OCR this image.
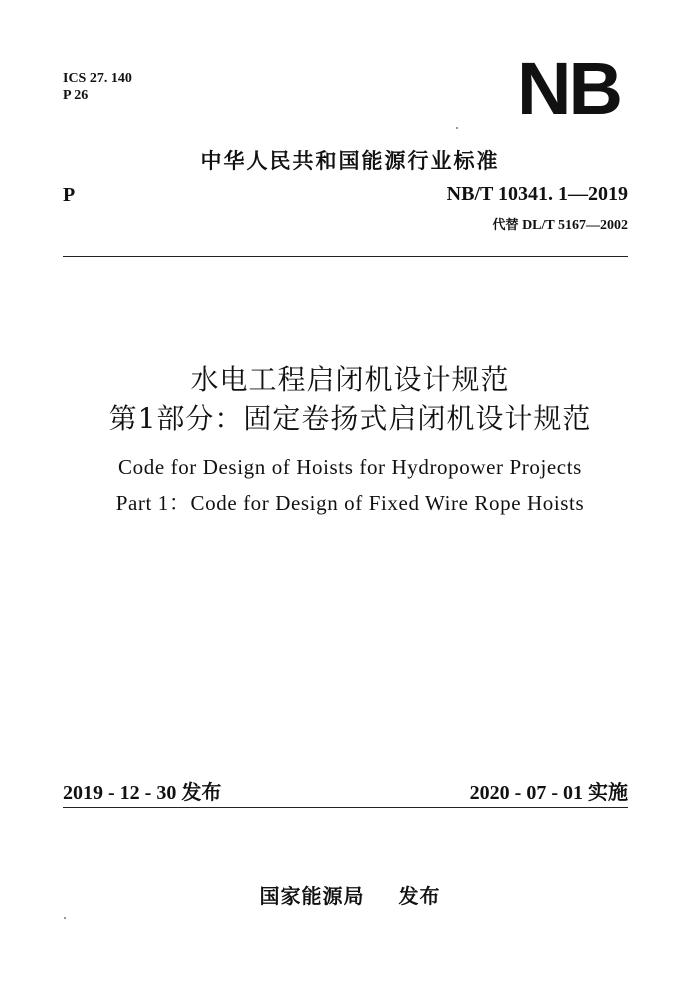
ICS 27. 140
P 26	NB
中华人民共和国能源行业标准
P	NB/T 10341. 1—2019
代替 DL/T 5167—2002
水电工程启闭机设计规范
第1部分：固定卷扬式启闭机设计规范
Code for Design of Hoists for Hydropower Projects
Part 1：Code for Design of Fixed Wire Rope Hoists
2019 - 12 - 30 发布	2020 - 07 - 01 实施
国家能源局 发布
